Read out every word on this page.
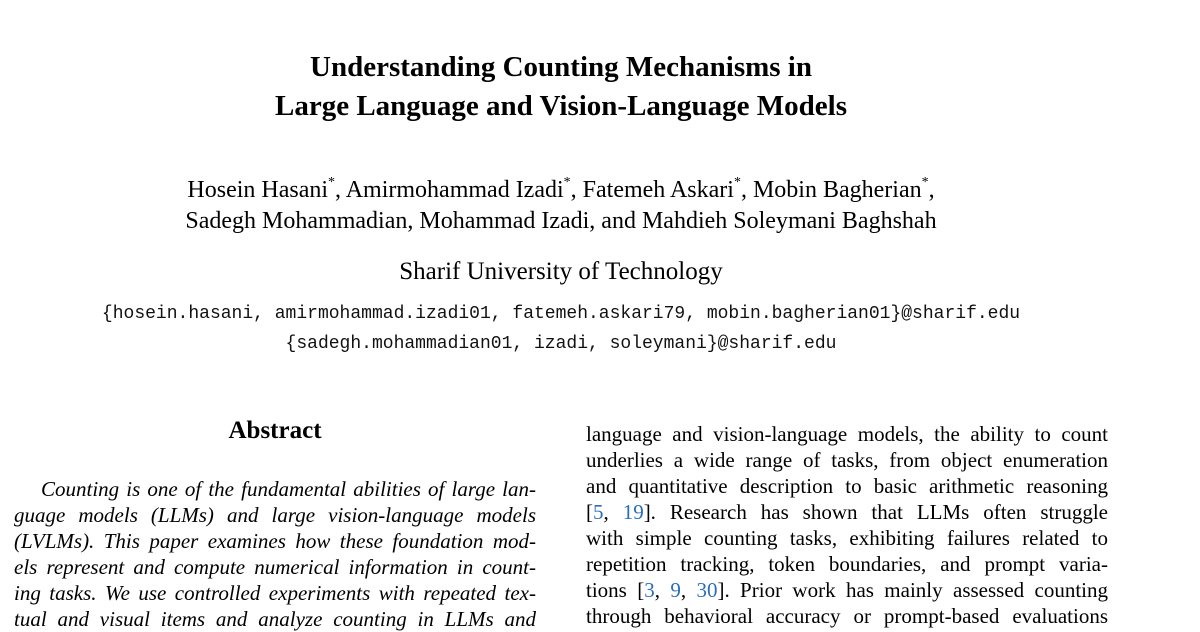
Understanding Counting Mechanisms in
Large Language and Vision-Language Models
Hosein Hasani*, Amirmohammad Izadi*, Fatemeh Askari*, Mobin Bagherian*,
Sadegh Mohammadian, Mohammad Izadi, and Mahdieh Soleymani Baghshah
Sharif University of Technology
{hosein.hasani, amirmohammad.izadi01, fatemeh.askari79, mobin.bagherian01}@sharif.edu
{sadegh.mohammadian01, izadi, soleymani}@sharif.edu
Abstract
Counting is one of the fundamental abilities of large lan-
guage models (LLMs) and large vision-language models
(LVLMs). This paper examines how these foundation mod-
els represent and compute numerical information in count-
ing tasks. We use controlled experiments with repeated tex-
tual and visual items and analyze counting in LLMs and
language and vision-language models, the ability to count
underlies a wide range of tasks, from object enumeration
and quantitative description to basic arithmetic reasoning
[5, 19]. Research has shown that LLMs often struggle
with simple counting tasks, exhibiting failures related to
repetition tracking, token boundaries, and prompt varia-
tions [3, 9, 30]. Prior work has mainly assessed counting
through behavioral accuracy or prompt-based evaluations
